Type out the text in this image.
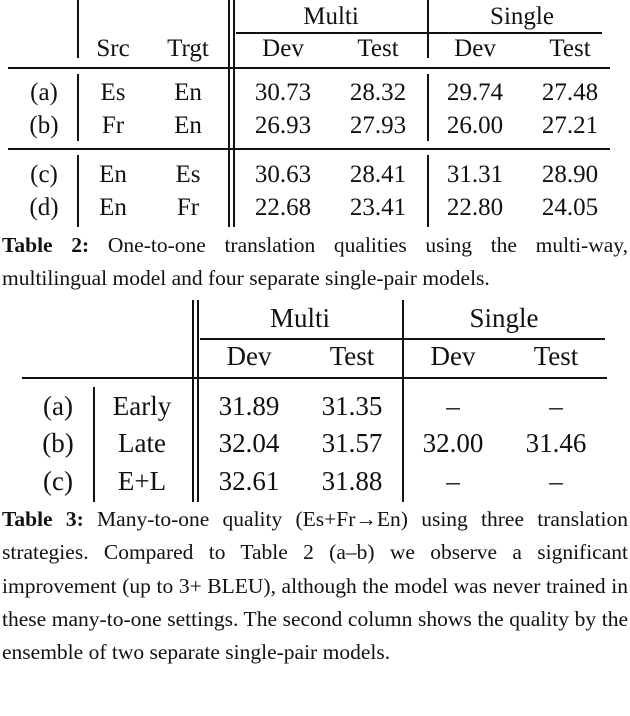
Multi	Single
Src Trgt Dev Test Dev Test
(a) Es En 30.73 28.32 29.74 27.48
(b) Fr En 26.93 27.93 26.00 27.21
(c) En Es 30.63 28.41 31.31 28.90
(d) En Fr 22.68 23.41 22.80 24.05
Table 2: One-to-one translation qualities using the multi-way, multilingual model and four separate single-pair models.
Multi	Single
Dev Test Dev Test
(a) Early 31.89 31.35 –	–
(b) Late 32.04 31.57 32.00 31.46
(c) E+L 32.61 31.88 –	–
Table 3: Many-to-one quality (Es+Fr→En) using three translation strategies. Compared to Table 2 (a–b) we observe a significant improvement (up to 3+ BLEU), although the model was never trained in these many-to-one settings. The second column shows the quality by the ensemble of two separate single-pair models.
